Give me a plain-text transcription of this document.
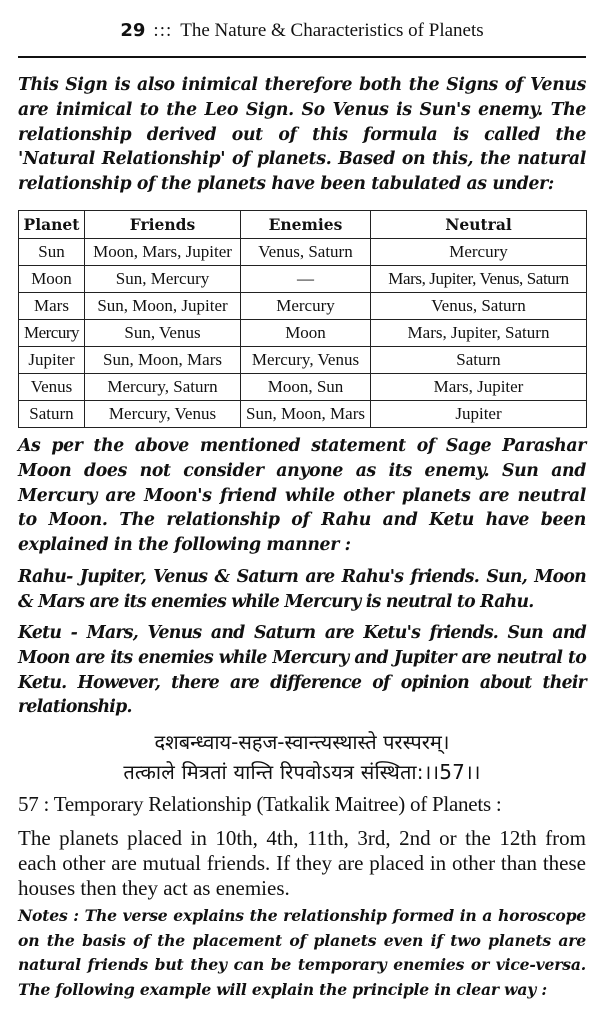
29 ::: The Nature & Characteristics of Planets

This Sign is also inimical therefore both the Signs of Venus are inimical to the Leo Sign. So Venus is Sun's enemy. The relationship derived out of this formula is called the 'Natural Relationship' of planets. Based on this, the natural relationship of the planets have been tabulated as under:

Planet	Friends	Enemies	Neutral
Sun	Moon, Mars, Jupiter	Venus, Saturn	Mercury
Moon	Sun, Mercury	—	Mars, Jupiter, Venus, Saturn
Mars	Sun, Moon, Jupiter	Mercury	Venus, Saturn
Mercury	Sun, Venus	Moon	Mars, Jupiter, Saturn
Jupiter	Sun, Moon, Mars	Mercury, Venus	Saturn
Venus	Mercury, Saturn	Moon, Sun	Mars, Jupiter
Saturn	Mercury, Venus	Sun, Moon, Mars	Jupiter

As per the above mentioned statement of Sage Parashar Moon does not consider anyone as its enemy. Sun and Mercury are Moon's friend while other planets are neutral to Moon. The relationship of Rahu and Ketu have been explained in the following manner :

Rahu- Jupiter, Venus & Saturn are Rahu's friends. Sun, Moon & Mars are its enemies while Mercury is neutral to Rahu.

Ketu - Mars, Venus and Saturn are Ketu's friends. Sun and Moon are its enemies while Mercury and Jupiter are neutral to Ketu. However, there are difference of opinion about their relationship.

दशबन्ध्वाय-सहज-स्वान्त्यस्थास्ते परस्परम्।
तत्काले मित्रतां यान्ति रिपवोऽयत्र संस्थिता:।।57।।

57 : Temporary Relationship (Tatkalik Maitree) of Planets :

The planets placed in 10th, 4th, 11th, 3rd, 2nd or the 12th from each other are mutual friends. If they are placed in other than these houses then they act as enemies.

Notes : The verse explains the relationship formed in a horoscope on the basis of the placement of planets even if two planets are natural friends but they can be temporary enemies or vice-versa. The following example will explain the principle in clear way :
